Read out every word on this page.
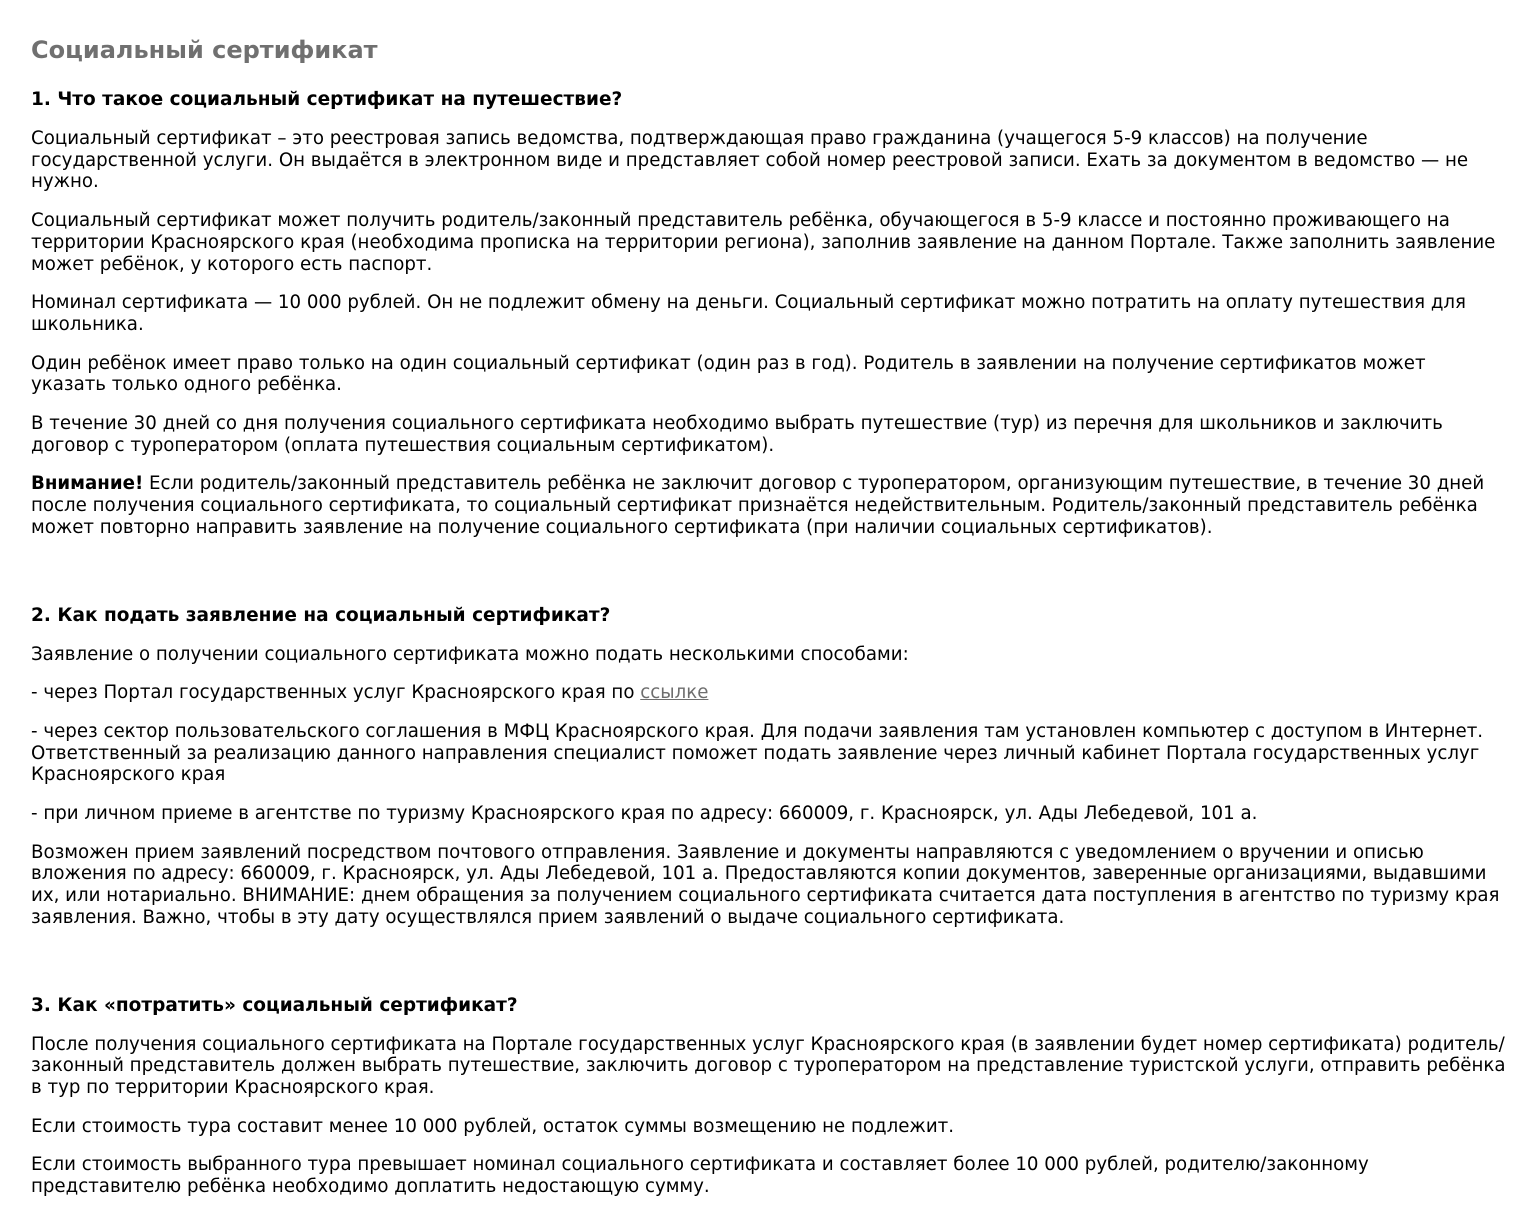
Социальный сертификат
1. Что такое социальный сертификат на путешествие?

Социальный сертификат – это реестровая запись ведомства, подтверждающая право гражданина (учащегося 5-9 классов) на получение государственной услуги. Он выдаётся в электронном виде и представляет собой номер реестровой записи. Ехать за документом в ведомство — не нужно.

Социальный сертификат может получить родитель/законный представитель ребёнка, обучающегося в 5-9 классе и постоянно проживающего на территории Красноярского края (необходима прописка на территории региона), заполнив заявление на данном Портале. Также заполнить заявление может ребёнок, у которого есть паспорт.

Номинал сертификата — 10 000 рублей. Он не подлежит обмену на деньги. Социальный сертификат можно потратить на оплату путешествия для школьника.

Один ребёнок имеет право только на один социальный сертификат (один раз в год). Родитель в заявлении на получение сертификатов может указать только одного ребёнка.

В течение 30 дней со дня получения социального сертификата необходимо выбрать путешествие (тур) из перечня для школьников и заключить договор с туроператором (оплата путешествия социальным сертификатом).

Внимание! Если родитель/законный представитель ребёнка не заключит договор с туроператором, организующим путешествие, в течение 30 дней после получения социального сертификата, то социальный сертификат признаётся недействительным. Родитель/законный представитель ребёнка может повторно направить заявление на получение социального сертификата (при наличии социальных сертификатов).

2. Как подать заявление на социальный сертификат?

Заявление о получении социального сертификата можно подать несколькими способами:

- через Портал государственных услуг Красноярского края по ссылке

- через сектор пользовательского соглашения в МФЦ Красноярского края. Для подачи заявления там установлен компьютер с доступом в Интернет. Ответственный за реализацию данного направления специалист поможет подать заявление через личный кабинет Портала государственных услуг Красноярского края

- при личном приеме в агентстве по туризму Красноярского края по адресу: 660009, г. Красноярск, ул. Ады Лебедевой, 101 а.

Возможен прием заявлений посредством почтового отправления. Заявление и документы направляются с уведомлением о вручении и описью вложения по адресу: 660009, г. Красноярск, ул. Ады Лебедевой, 101 а. Предоставляются копии документов, заверенные организациями, выдавшими их, или нотариально. ВНИМАНИЕ: днем обращения за получением социального сертификата считается дата поступления в агентство по туризму края заявления. Важно, чтобы в эту дату осуществлялся прием заявлений о выдаче социального сертификата.

3. Как «потратить» социальный сертификат?

После получения социального сертификата на Портале государственных услуг Красноярского края (в заявлении будет номер сертификата) родитель/законный представитель должен выбрать путешествие, заключить договор с туроператором на представление туристской услуги, отправить ребёнка в тур по территории Красноярского края.

Если стоимость тура составит менее 10 000 рублей, остаток суммы возмещению не подлежит.

Если стоимость выбранного тура превышает номинал социального сертификата и составляет более 10 000 рублей, родителю/законному представителю ребёнка необходимо доплатить недостающую сумму.
